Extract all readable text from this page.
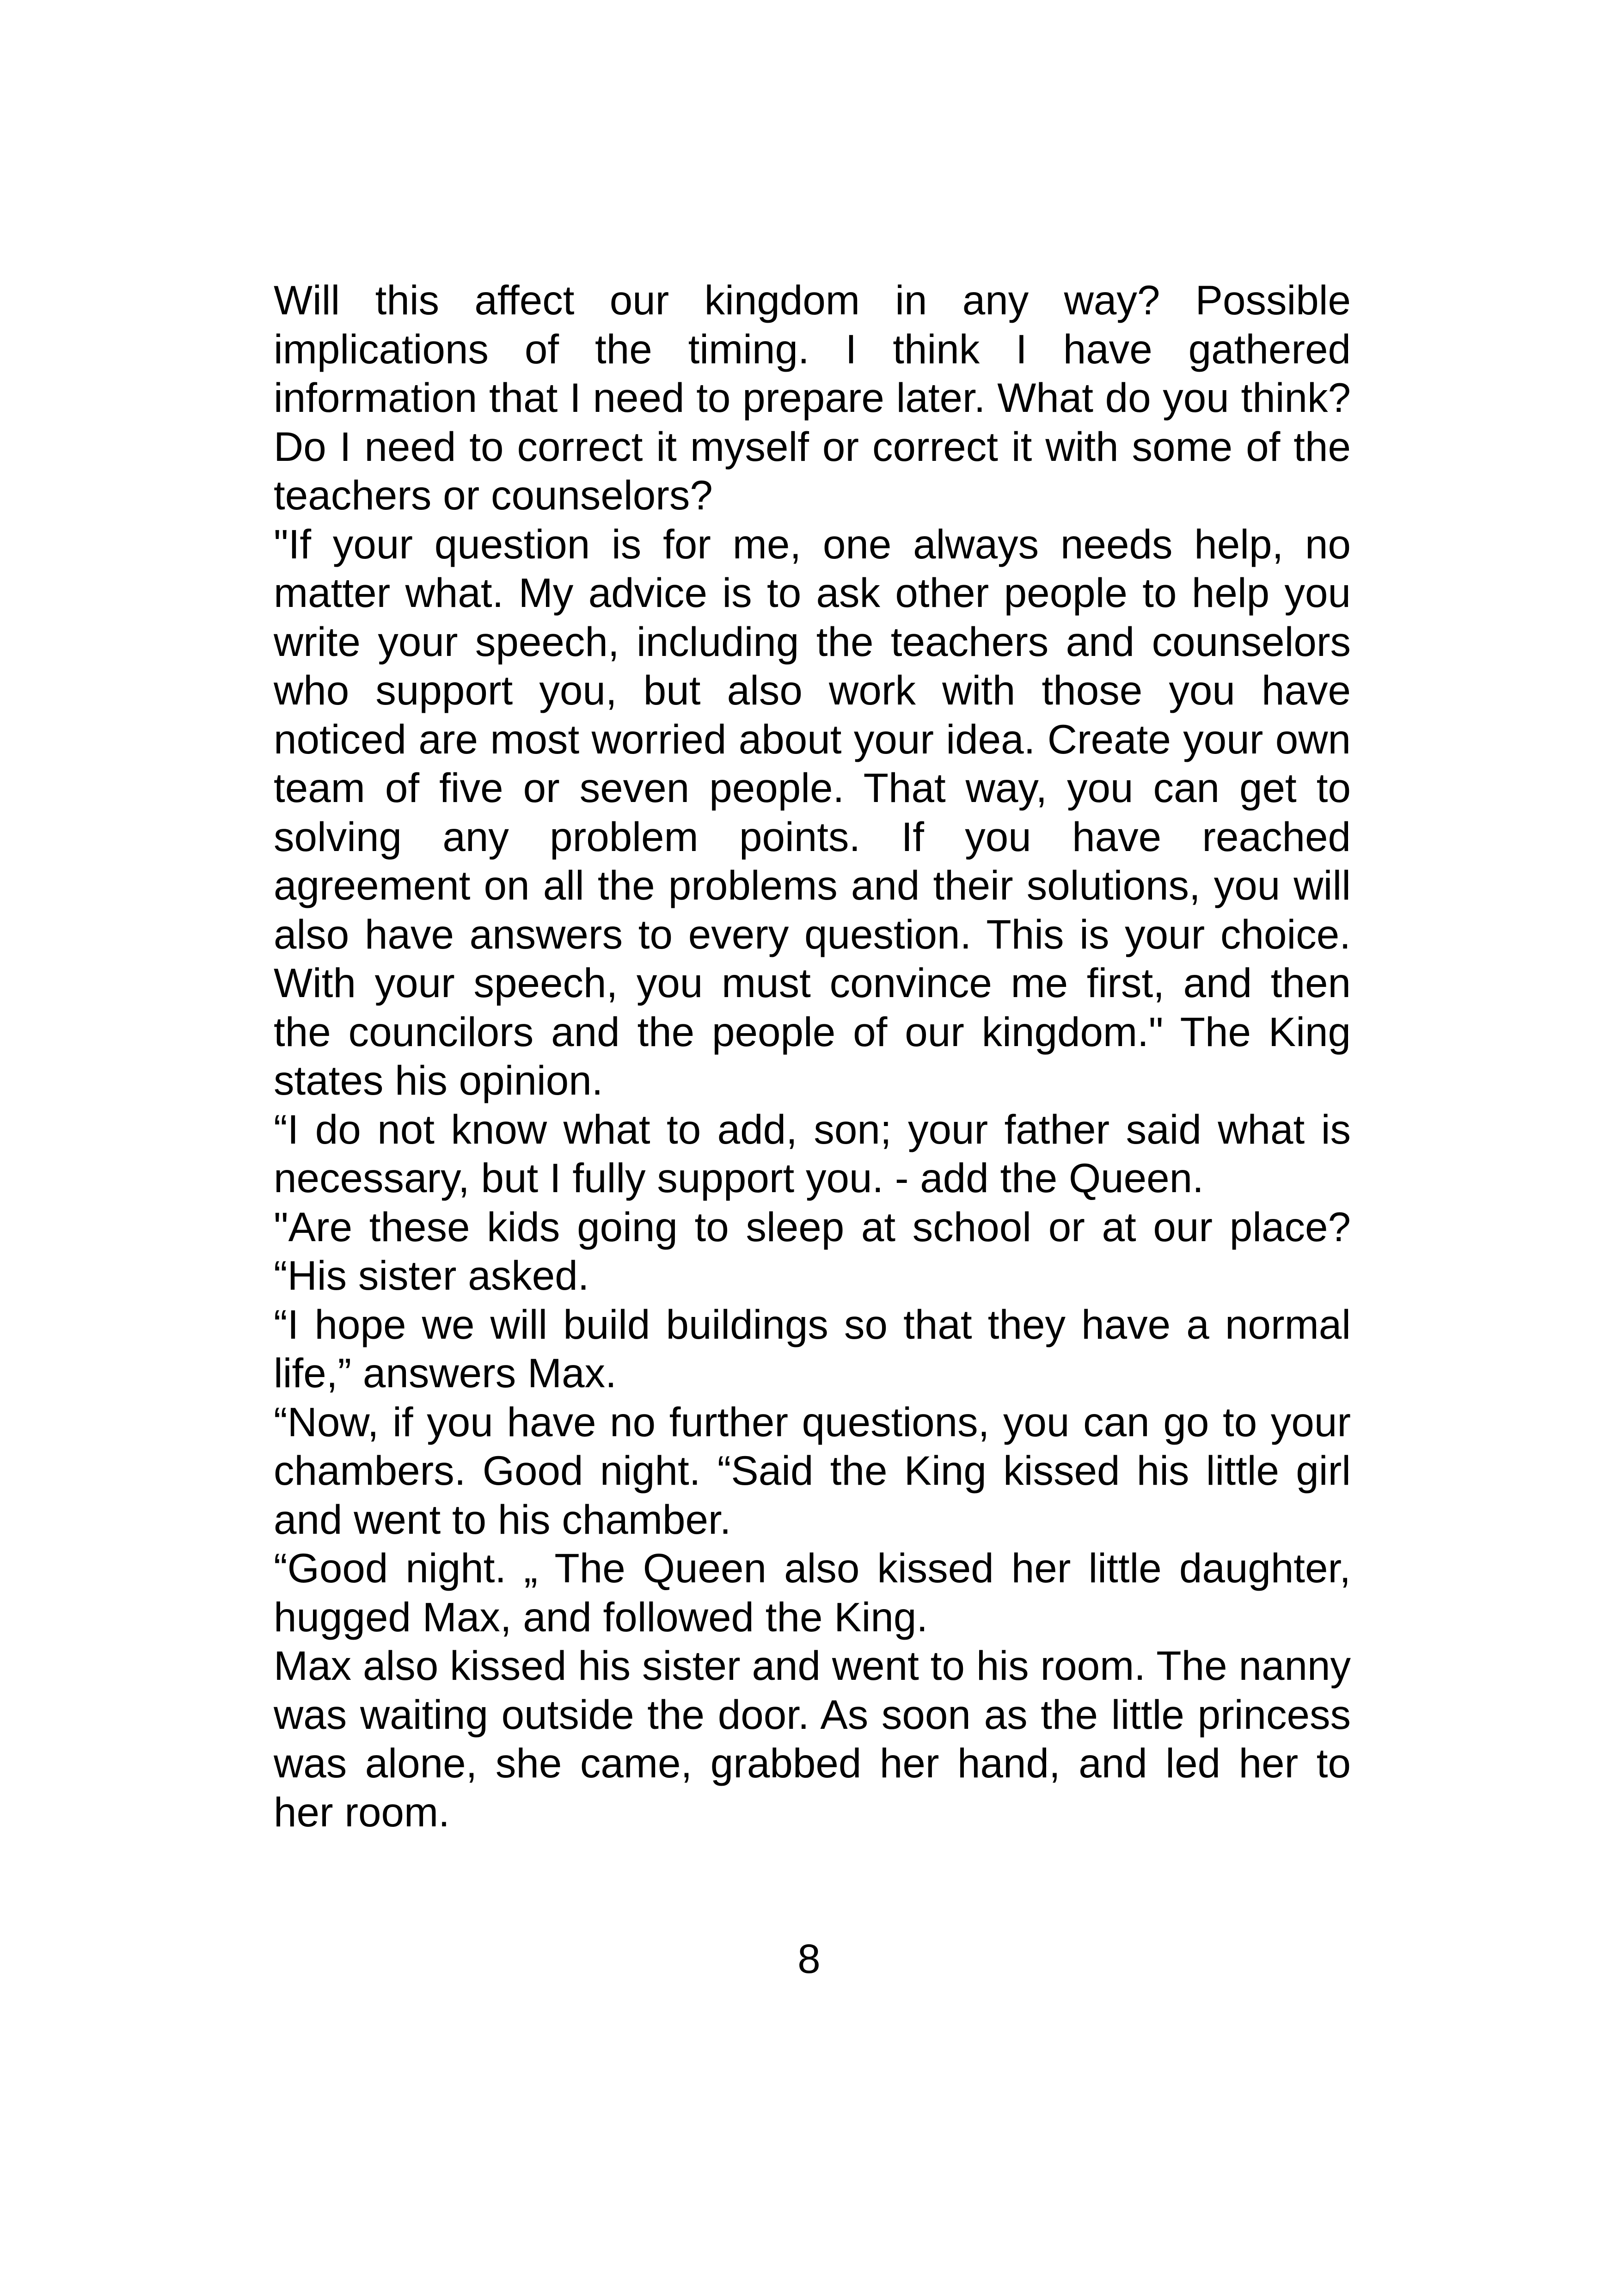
Will this affect our kingdom in any way? Possible implications of the timing. I think I have gathered information that I need to prepare later. What do you think? Do I need to correct it myself or correct it with some of the teachers or counselors?

"If your question is for me, one always needs help, no matter what. My advice is to ask other people to help you write your speech, including the teachers and counselors who support you, but also work with those you have noticed are most worried about your idea. Create your own team of five or seven people. That way, you can get to solving any problem points. If you have reached agreement on all the problems and their solutions, you will also have answers to every question. This is your choice. With your speech, you must convince me first, and then the councilors and the people of our kingdom." The King states his opinion.

“I do not know what to add, son; your father said what is necessary, but I fully support you. - add the Queen.

"Are these kids going to sleep at school or at our place? “His sister asked.

“I hope we will build buildings so that they have a normal life,” answers Max.

“Now, if you have no further questions, you can go to your chambers. Good night. “Said the King kissed his little girl and went to his chamber.

“Good night. „ The Queen also kissed her little daughter, hugged Max, and followed the King.

Max also kissed his sister and went to his room. The nanny was waiting outside the door. As soon as the little princess was alone, she came, grabbed her hand, and led her to her room.

8
